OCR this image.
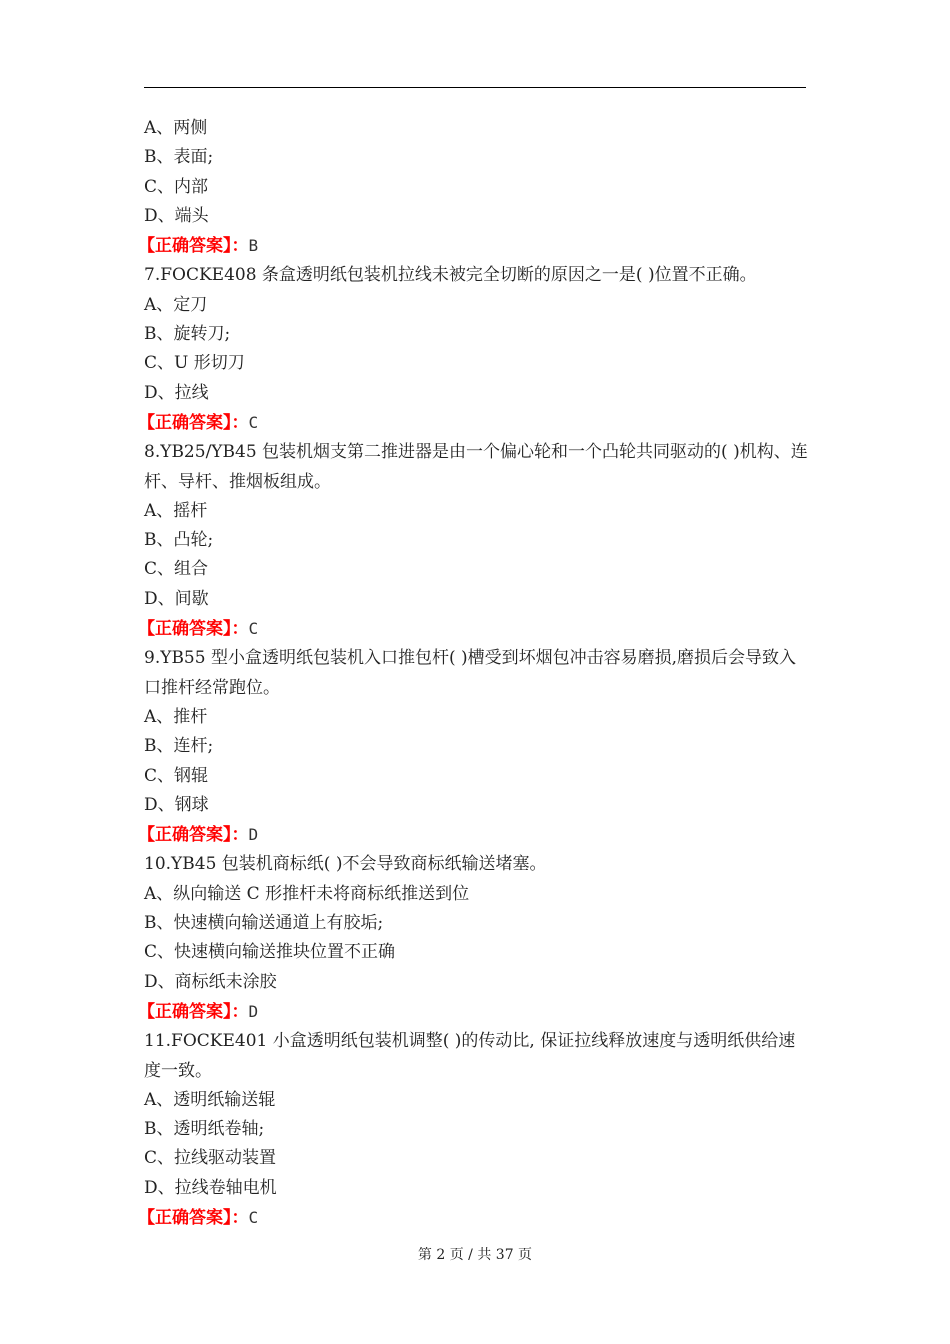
A、两侧
B、表面;
C、内部
D、端头
【正确答案】：B
7.FOCKE408 条盒透明纸包装机拉线未被完全切断的原因之一是( )位置不正确。
A、定刀
B、旋转刀;
C、U 形切刀
D、拉线
【正确答案】：C
8.YB25/YB45 包装机烟支第二推进器是由一个偏心轮和一个凸轮共同驱动的( )机构、连杆、导杆、推烟板组成。
A、摇杆
B、凸轮;
C、组合
D、间歇
【正确答案】：C
9.YB55 型小盒透明纸包装机入口推包杆( )槽受到坏烟包冲击容易磨损,磨损后会导致入口推杆经常跑位。
A、推杆
B、连杆;
C、钢辊
D、钢球
【正确答案】：D
10.YB45 包装机商标纸( )不会导致商标纸输送堵塞。
A、纵向输送 C 形推杆未将商标纸推送到位
B、快速横向输送通道上有胶垢;
C、快速横向输送推块位置不正确
D、商标纸未涂胶
【正确答案】：D
11.FOCKE401 小盒透明纸包装机调整( )的传动比, 保证拉线释放速度与透明纸供给速度一致。
A、透明纸输送辊
B、透明纸卷轴;
C、拉线驱动装置
D、拉线卷轴电机
【正确答案】：C
第 2 页 / 共 37 页
